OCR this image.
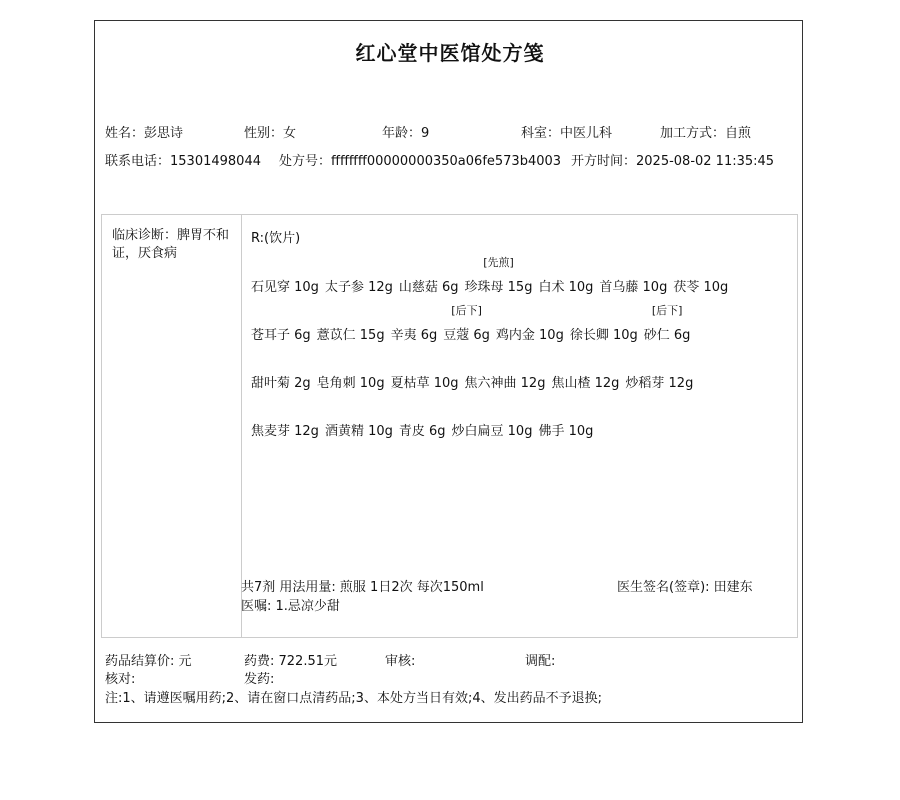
红心堂中医馆处方笺
姓名：彭思诗	性别：女	年龄：9	科室：中医儿科	加工方式：自煎
联系电话：15301498044 处方号：ffffffff00000000350a06fe573b4003 开方时间：2025-08-02 11:35:45
临床诊断：脾胃不和证，厌食病
R:(饮片)
石见穿 10g 太子参 12g 山慈菇 6g 珍珠母 15g
[先煎]
白术 10g 首乌藤 10g 茯苓 10g
苍耳子 6g 薏苡仁 15g 辛夷 6g 豆蔻 6g
[后下]
鸡内金 10g 徐长卿 10g 砂仁 6g
[后下]
甜叶菊 2g 皂角刺 10g 夏枯草 10g 焦六神曲 12g 焦山楂 12g 炒稻芽 12g
焦麦芽 12g 酒黄精 10g 青皮 6g 炒白扁豆 10g 佛手 10g
共7剂 用法用量: 煎服 1日2次 每次150ml	医生签名(签章): 田建东
医嘱: 1.忌凉少甜
药品结算价: 元	药费: 722.51元	审核:	调配:
核对:	发药:
注:1、请遵医嘱用药;2、请在窗口点清药品;3、本处方当日有效;4、发出药品不予退换;
